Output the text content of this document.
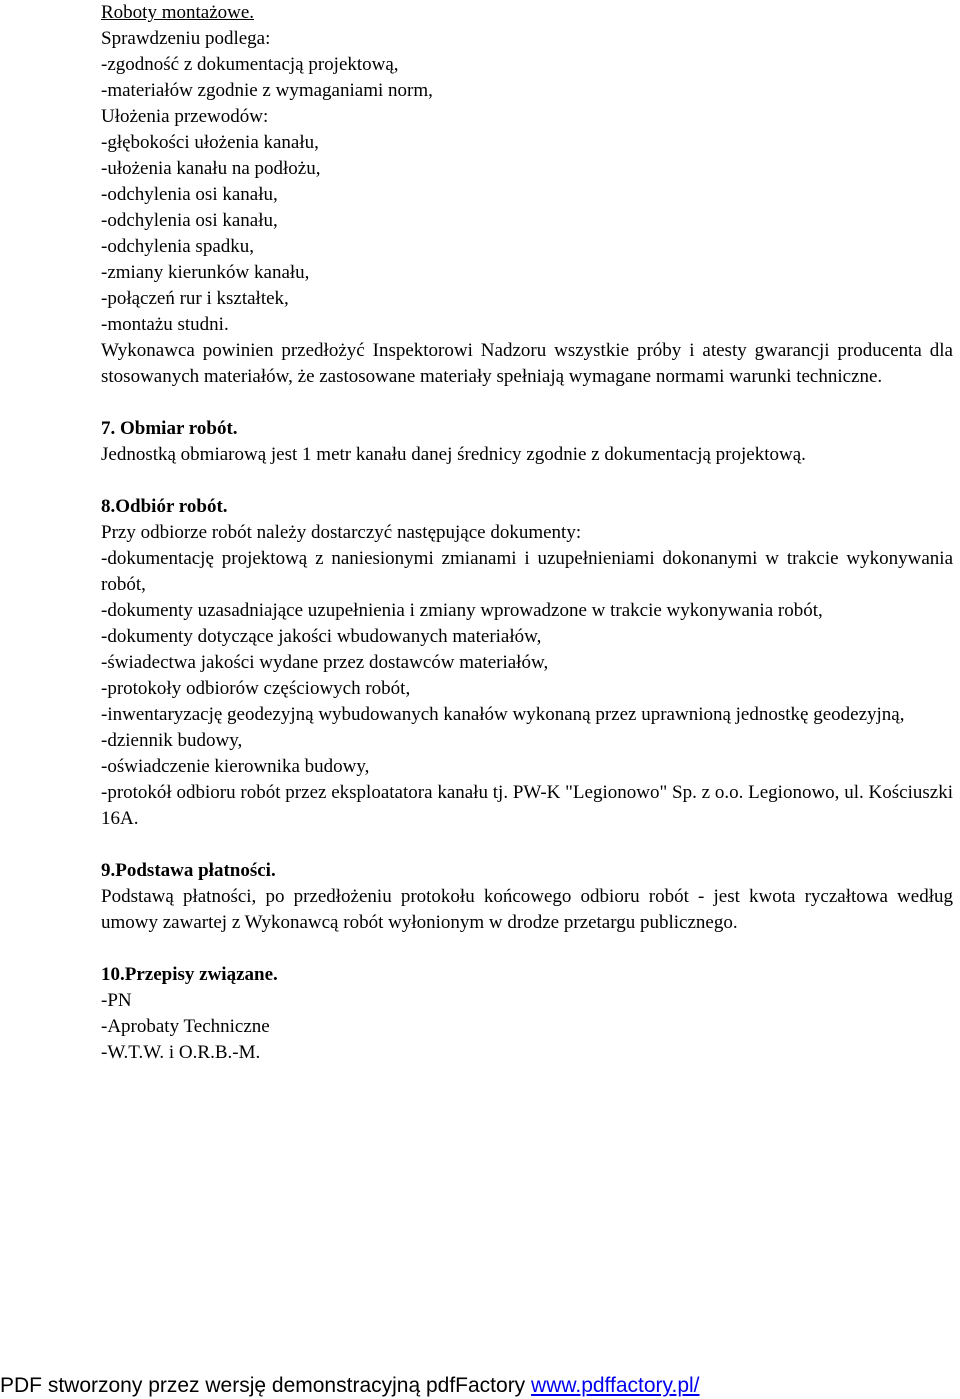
Roboty montażowe.
Sprawdzeniu podlega:
-zgodność z dokumentacją projektową,
-materiałów zgodnie z wymaganiami norm,
Ułożenia przewodów:
-głębokości ułożenia kanału,
-ułożenia kanału na podłożu,
-odchylenia osi kanału,
-odchylenia osi kanału,
-odchylenia spadku,
-zmiany kierunków kanału,
-połączeń rur i kształtek,
-montażu studni.
Wykonawca powinien przedłożyć Inspektorowi Nadzoru wszystkie próby i atesty gwarancji producenta dla stosowanych materiałów, że zastosowane materiały spełniają wymagane normami warunki techniczne.
7. Obmiar robót.
Jednostką obmiarową jest 1 metr kanału danej średnicy zgodnie z dokumentacją projektową.
8.Odbiór robót.
Przy odbiorze robót należy dostarczyć następujące dokumenty:
-dokumentację projektową z naniesionymi zmianami i uzupełnieniami dokonanymi w trakcie wykonywania robót,
-dokumenty uzasadniające uzupełnienia i zmiany wprowadzone w trakcie wykonywania robót,
-dokumenty dotyczące jakości wbudowanych materiałów,
-świadectwa jakości wydane przez dostawców materiałów,
-protokoły odbiorów częściowych robót,
-inwentaryzację geodezyjną wybudowanych kanałów wykonaną przez uprawnioną jednostkę geodezyjną,
-dziennik budowy,
-oświadczenie kierownika budowy,
-protokół odbioru robót przez eksploatatora kanału tj. PW-K "Legionowo" Sp. z o.o. Legionowo, ul. Kościuszki 16A.
9.Podstawa płatności.
Podstawą płatności, po przedłożeniu protokołu końcowego odbioru robót - jest kwota ryczałtowa według umowy zawartej z Wykonawcą robót wyłonionym w drodze przetargu publicznego.
10.Przepisy związane.
-PN
-Aprobaty Techniczne
-W.T.W. i O.R.B.-M.
PDF stworzony przez wersję demonstracyjną pdfFactory www.pdffactory.pl/
